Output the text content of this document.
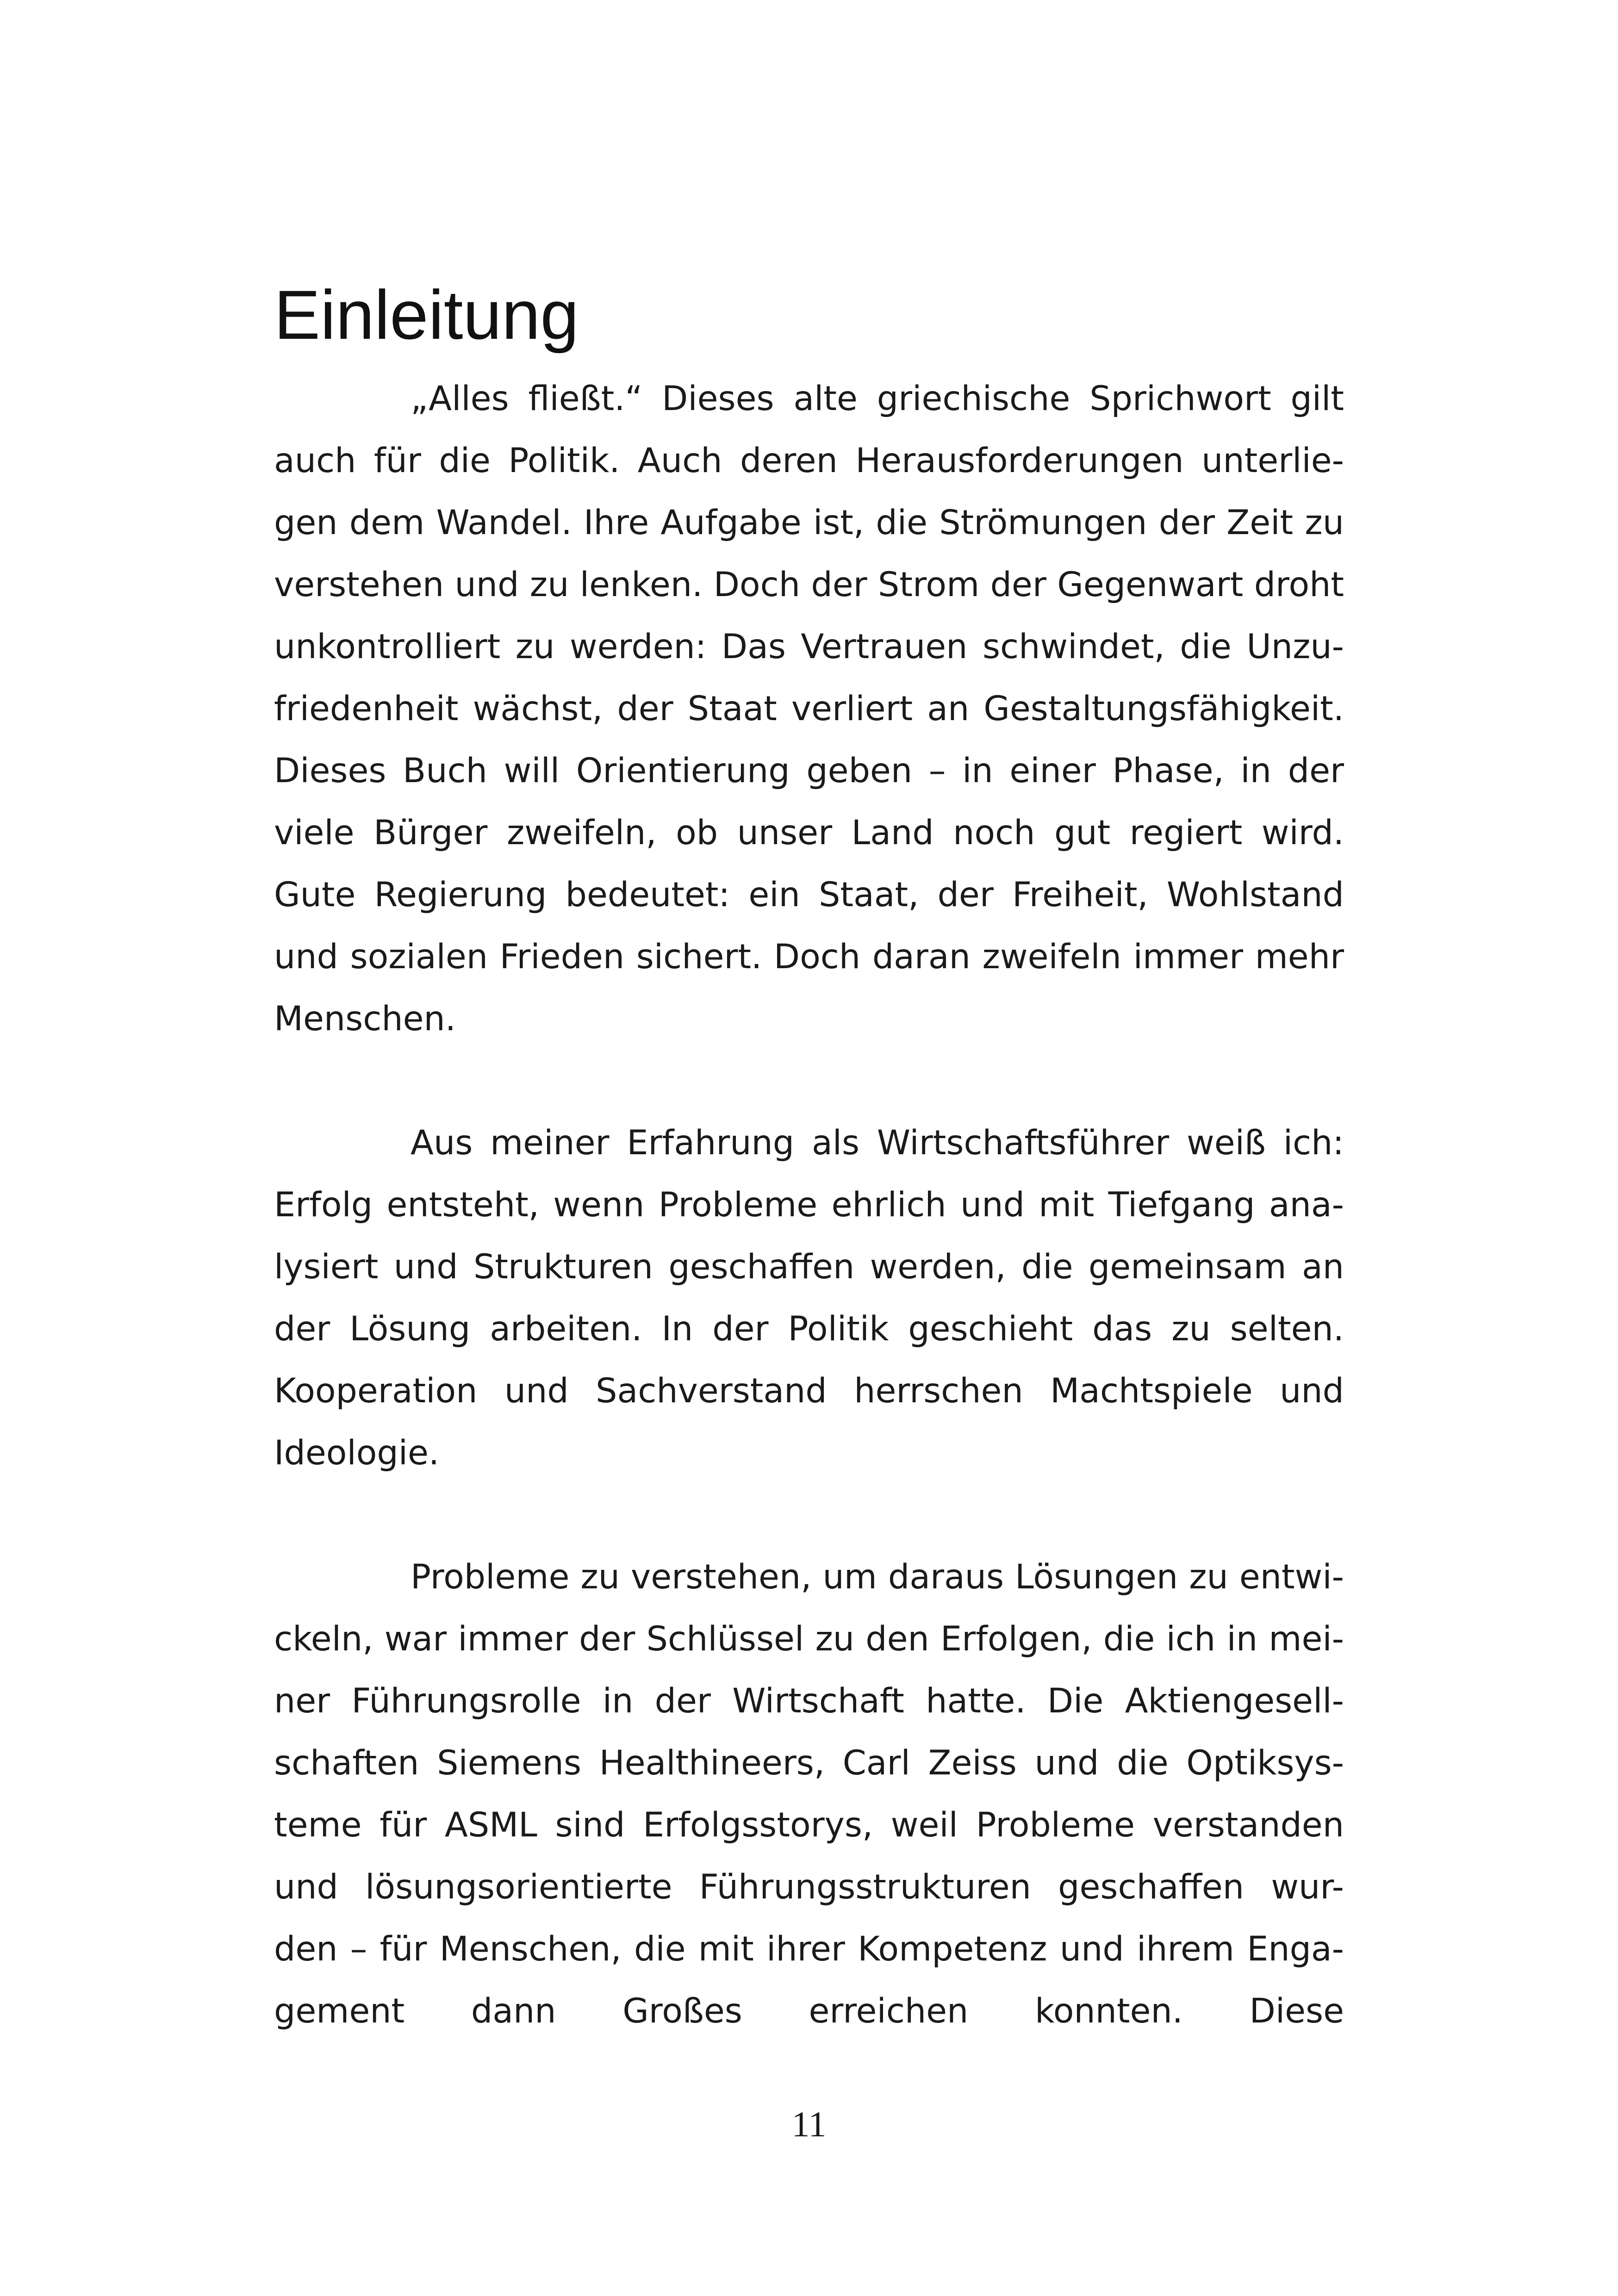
Einleitung
„Alles fließt.“ Dieses alte griechische Sprichwort gilt
auch für die Politik. Auch deren Herausforderungen unterlie-
gen dem Wandel. Ihre Aufgabe ist, die Strömungen der Zeit zu
verstehen und zu lenken. Doch der Strom der Gegenwart droht
unkontrolliert zu werden: Das Vertrauen schwindet, die Unzu-
friedenheit wächst, der Staat verliert an Gestaltungsfähigkeit.
Dieses Buch will Orientierung geben – in einer Phase, in der
viele Bürger zweifeln, ob unser Land noch gut regiert wird.
Gute Regierung bedeutet: ein Staat, der Freiheit, Wohlstand
und sozialen Frieden sichert. Doch daran zweifeln immer mehr
Menschen.
Aus meiner Erfahrung als Wirtschaftsführer weiß ich:
Erfolg entsteht, wenn Probleme ehrlich und mit Tiefgang ana-
lysiert und Strukturen geschaffen werden, die gemeinsam an
der Lösung arbeiten. In der Politik geschieht das zu selten.
Kooperation und Sachverstand herrschen Machtspiele und
Ideologie.
Probleme zu verstehen, um daraus Lösungen zu entwi-
ckeln, war immer der Schlüssel zu den Erfolgen, die ich in mei-
ner Führungsrolle in der Wirtschaft hatte. Die Aktiengesell-
schaften Siemens Healthineers, Carl Zeiss und die Optiksys-
teme für ASML sind Erfolgsstorys, weil Probleme verstanden
und lösungsorientierte Führungsstrukturen geschaffen wur-
den – für Menschen, die mit ihrer Kompetenz und ihrem Enga-
gement dann Großes erreichen konnten. Diese
11
